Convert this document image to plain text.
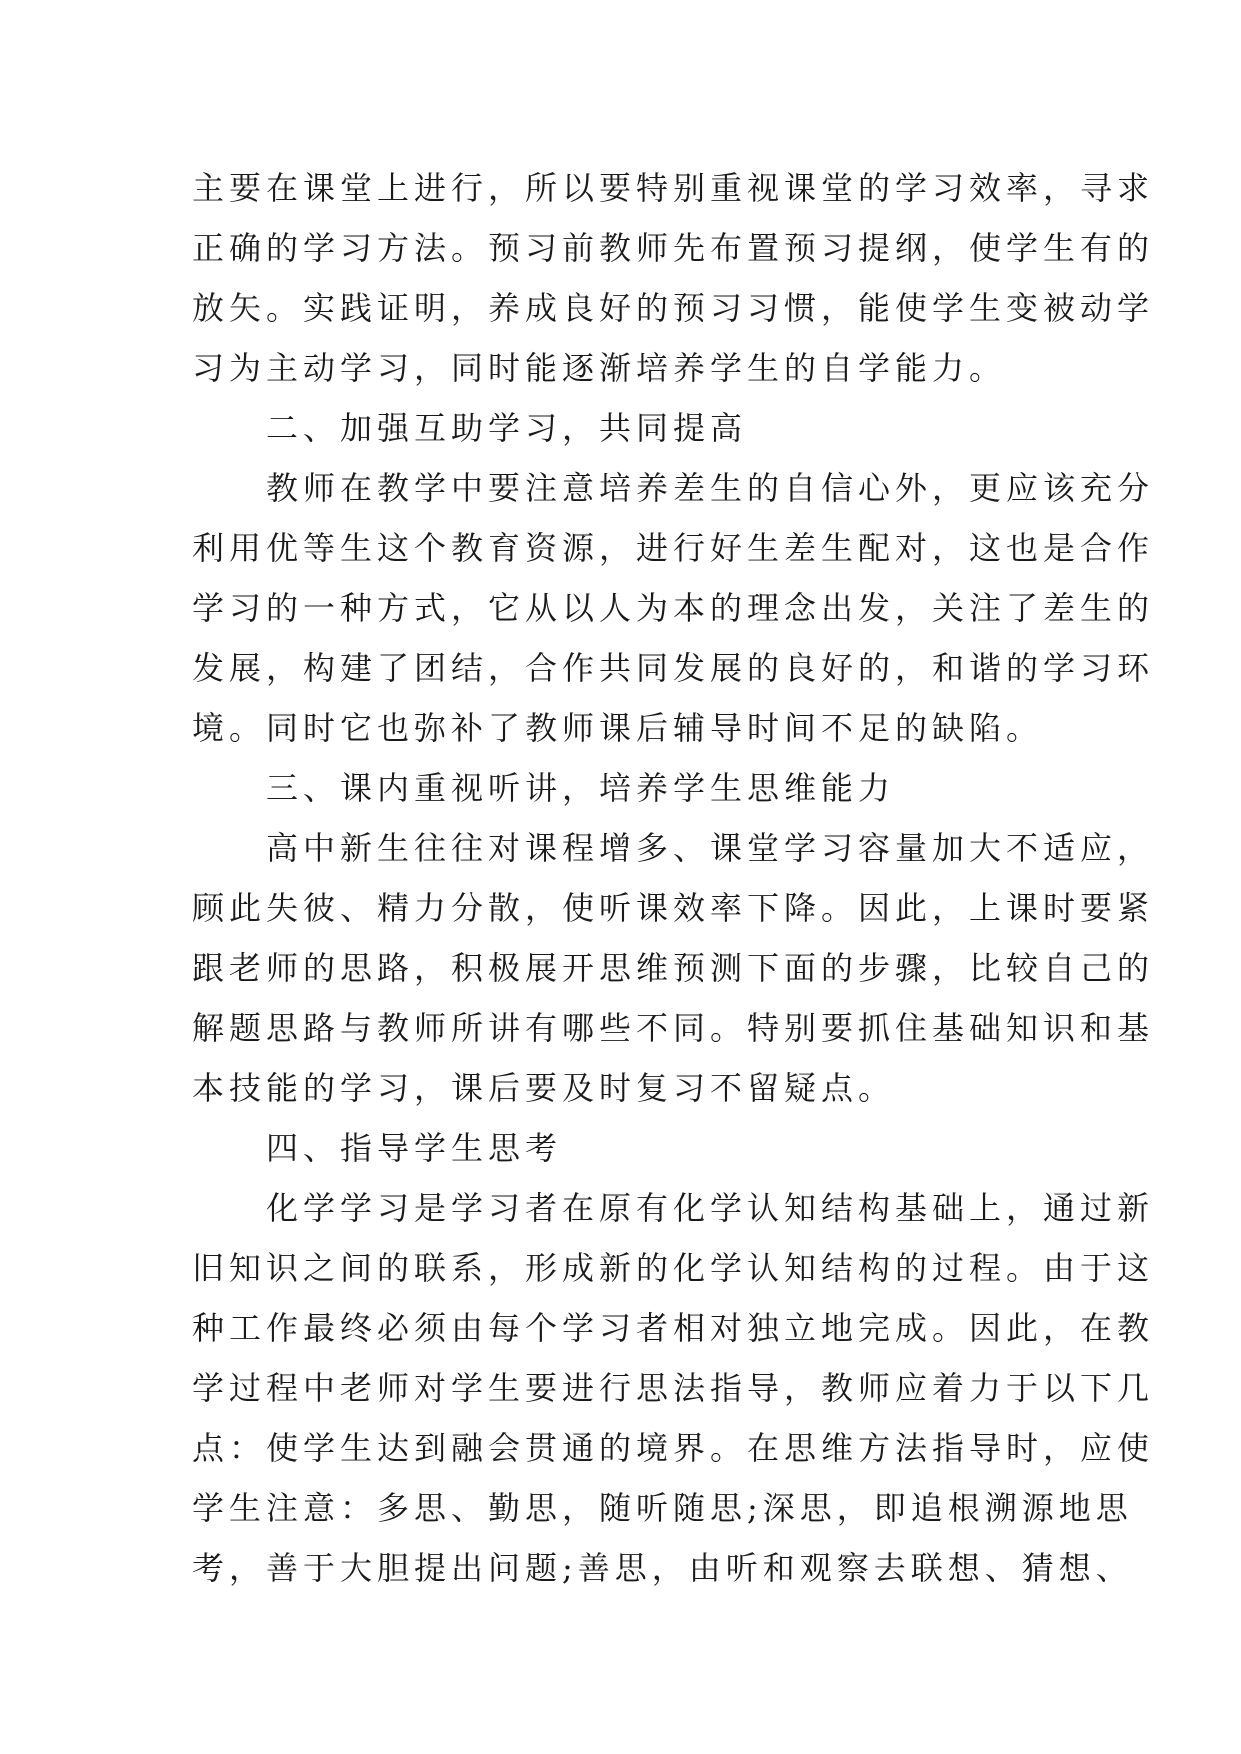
主要在课堂上进行，所以要特别重视课堂的学习效率，寻求

正确的学习方法。预习前教师先布置预习提纲，使学生有的

放矢。实践证明，养成良好的预习习惯，能使学生变被动学

习为主动学习，同时能逐渐培养学生的自学能力。

　　二、加强互助学习，共同提高

　　教师在教学中要注意培养差生的自信心外，更应该充分

利用优等生这个教育资源，进行好生差生配对，这也是合作

学习的一种方式，它从以人为本的理念出发，关注了差生的

发展，构建了团结，合作共同发展的良好的，和谐的学习环

境。同时它也弥补了教师课后辅导时间不足的缺陷。

　　三、课内重视听讲，培养学生思维能力

　　高中新生往往对课程增多、课堂学习容量加大不适应，

顾此失彼、精力分散，使听课效率下降。因此，上课时要紧

跟老师的思路，积极展开思维预测下面的步骤，比较自己的

解题思路与教师所讲有哪些不同。特别要抓住基础知识和基

本技能的学习，课后要及时复习不留疑点。

　　四、指导学生思考

　　化学学习是学习者在原有化学认知结构基础上，通过新

旧知识之间的联系，形成新的化学认知结构的过程。由于这

种工作最终必须由每个学习者相对独立地完成。因此，在教

学过程中老师对学生要进行思法指导，教师应着力于以下几

点：使学生达到融会贯通的境界。在思维方法指导时，应使

学生注意：多思、勤思，随听随思;深思，即追根溯源地思

考，善于大胆提出问题;善思，由听和观察去联想、猜想、
